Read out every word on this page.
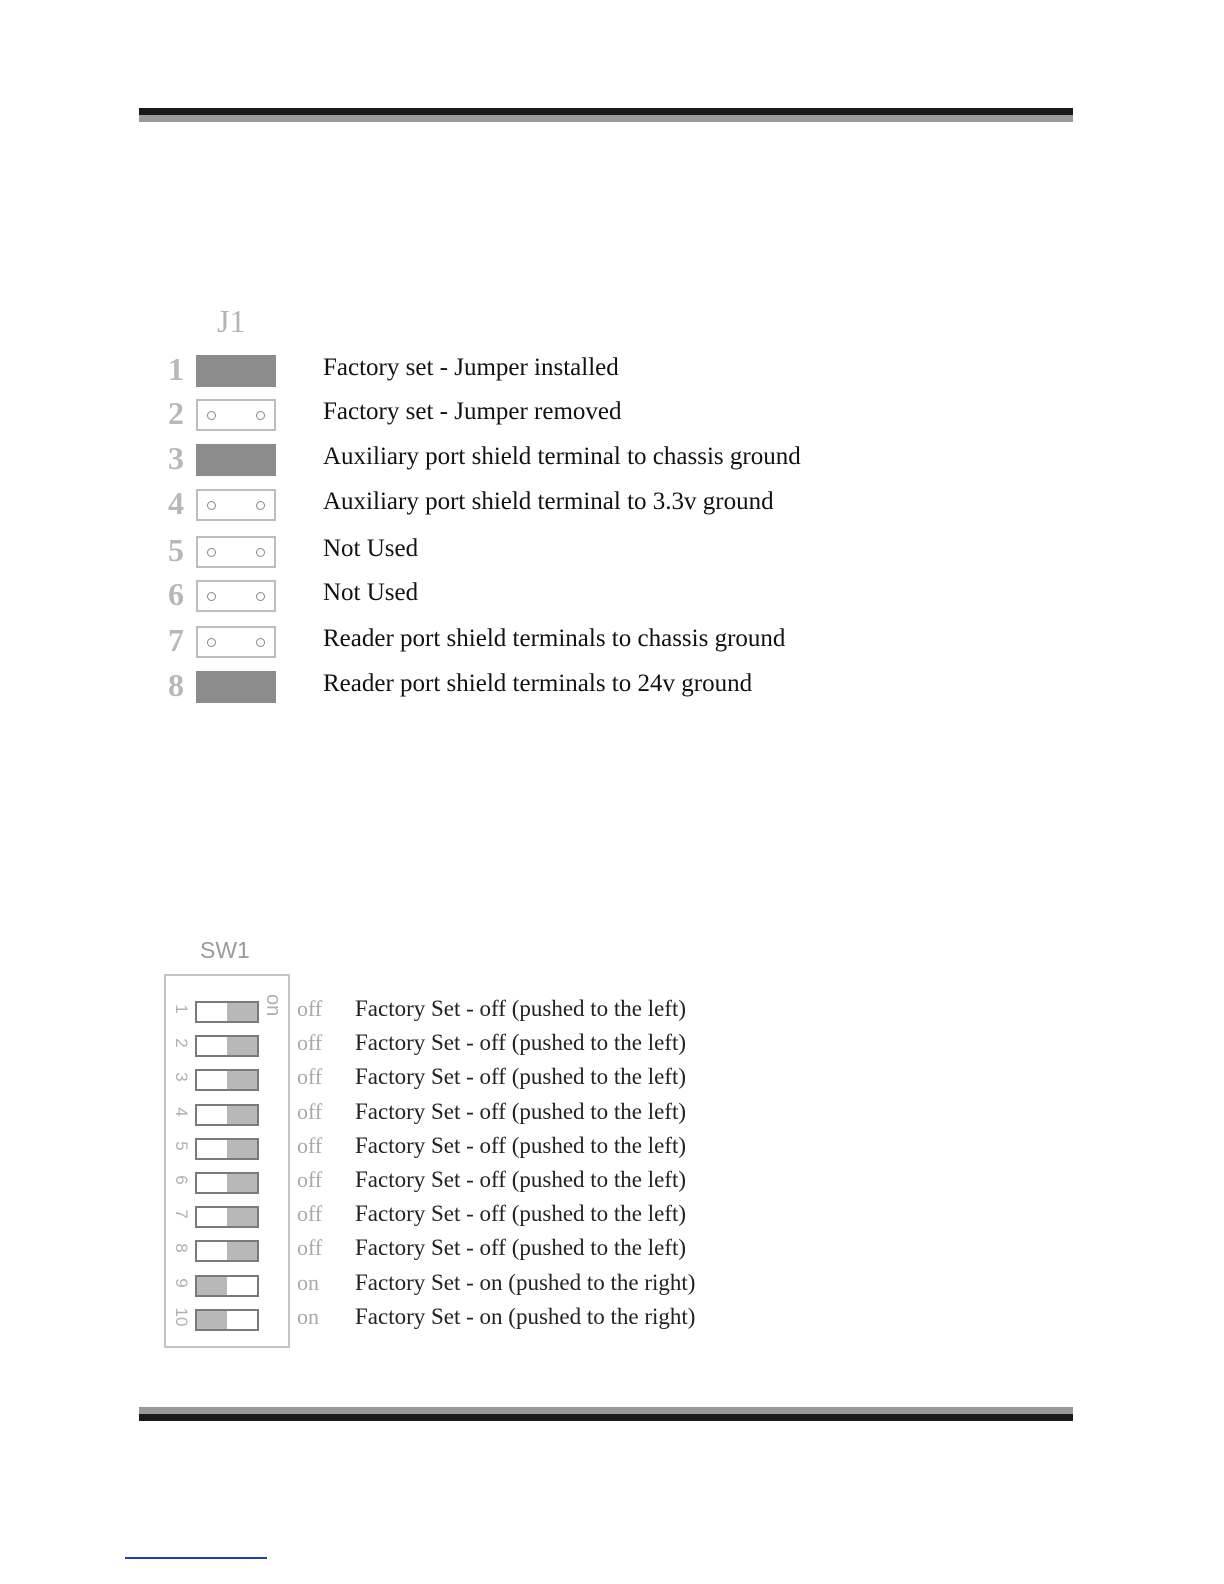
J1
1	Factory set - Jumper installed
2	Factory set - Jumper removed
3	Auxiliary port shield terminal to chassis ground
4	Auxiliary port shield terminal to 3.3v ground
5	Not Used
6	Not Used
7	Reader port shield terminals to chassis ground
8	Reader port shield terminals to 24v ground
SW1
on
1	off Factory Set - off (pushed to the left)
2	off Factory Set - off (pushed to the left)
3	off Factory Set - off (pushed to the left)
4	off Factory Set - off (pushed to the left)
5	off Factory Set - off (pushed to the left)
6	off Factory Set - off (pushed to the left)
7	off Factory Set - off (pushed to the left)
8	off Factory Set - off (pushed to the left)
9	on Factory Set - on (pushed to the right)
10	on Factory Set - on (pushed to the right)
